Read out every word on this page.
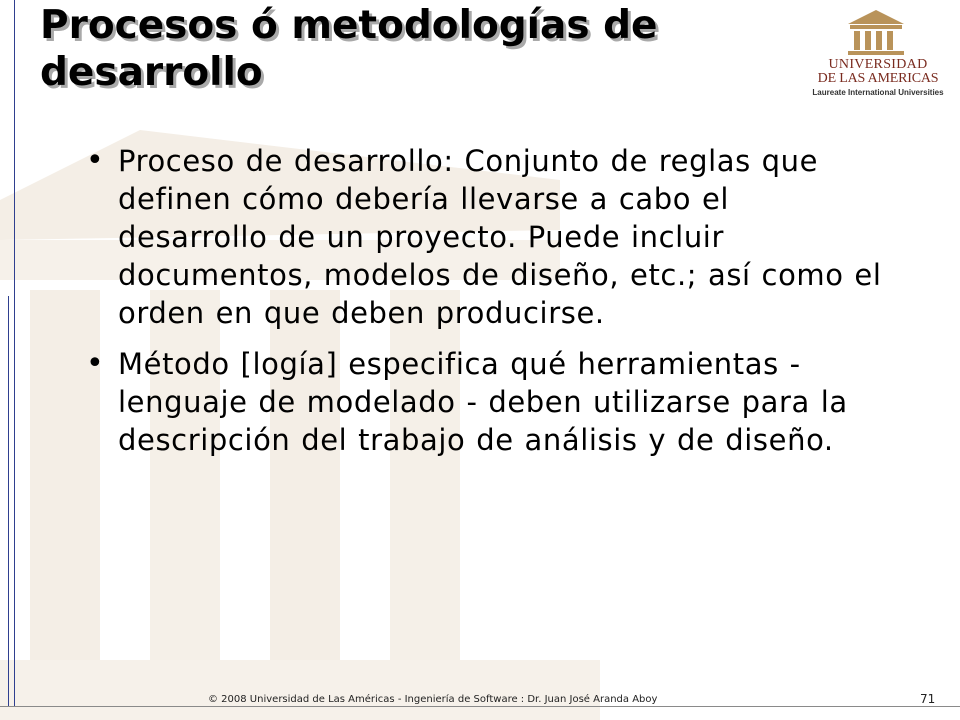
Procesos ó metodologías de desarrollo	UNIVERSIDAD
DE LAS AMERICAS
Laureate International Universities
• Proceso de desarrollo: Conjunto de reglas que definen cómo debería llevarse a cabo el desarrollo de un proyecto. Puede incluir documentos, modelos de diseño, etc.; así como el orden en que deben producirse.
• Método [logía] especifica qué herramientas - lenguaje de modelado - deben utilizarse para la descripción del trabajo de análisis y de diseño.
© 2008 Universidad de Las Américas - Ingeniería de Software : Dr. Juan José Aranda Aboy	71
